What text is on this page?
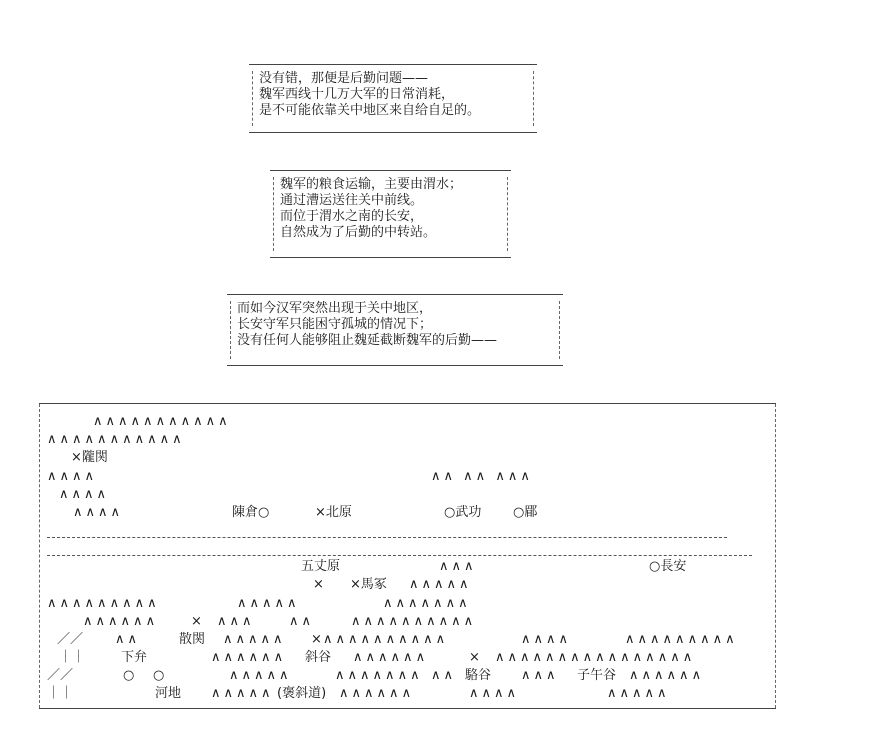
没有错，那便是后勤问题——
魏军西线十几万大军的日常消耗，
是不可能依靠关中地区来自给自足的。
魏军的粮食运输，主要由渭水；
通过漕运送往关中前线。
而位于渭水之南的长安，
自然成为了后勤的中转站。
而如今汉军突然出现于关中地区，
长安守军只能困守孤城的情况下；
没有任何人能够阻止魏延截断魏军的后勤——
∧∧∧∧∧∧∧∧∧∧∧
∧∧∧∧∧∧∧∧∧∧∧
×隴関
∧∧∧∧	∧∧ ∧∧ ∧∧∧
∧∧∧∧
∧∧∧∧	陳倉○	×北原	○武功 ○郿
五丈原	∧∧∧	○長安
× ×馬冢 ∧∧∧∧∧
∧∧∧∧∧∧∧∧∧	∧∧∧∧∧	∧∧∧∧∧∧∧
∧∧∧∧∧∧	× ∧∧∧	∧∧	∧∧∧∧∧∧∧∧∧∧
／／ ∧∧	散関 ∧∧∧∧∧ × ∧∧∧∧∧∧∧∧∧∧	∧∧∧∧	∧∧∧∧∧∧∧∧∧
｜｜	下弁	∧∧∧∧∧∧ 斜谷 ∧∧∧∧∧∧	× ∧∧∧∧∧∧∧∧∧∧∧∧∧∧∧∧
／／	○ ○	∧∧∧∧∧	∧∧∧∧∧∧∧ ∧∧ 駱谷 ∧∧∧ 子午谷 ∧∧∧∧∧∧
｜｜	河地 ∧∧∧∧∧ (褒斜道) ∧∧∧∧∧∧	∧∧∧∧	∧∧∧∧∧
